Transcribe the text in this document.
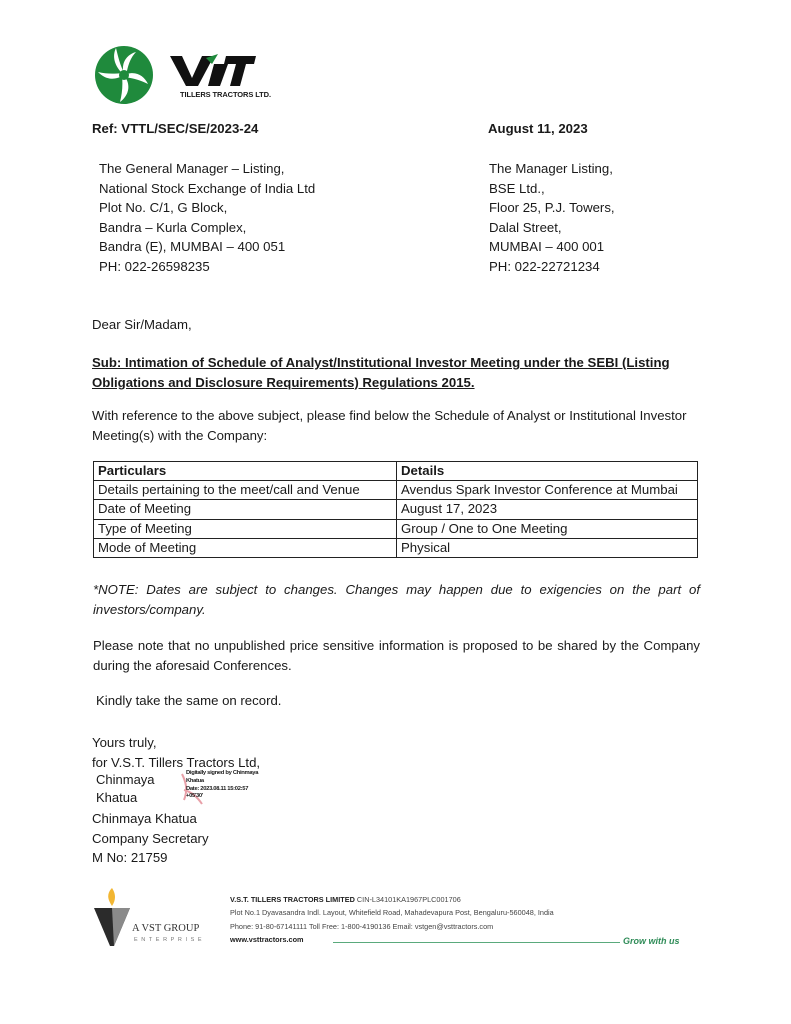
TILLERS TRACTORS LTD.
Ref: VTTL/SEC/SE/2023-24	August 11, 2023
The General Manager – Listing,
National Stock Exchange of India Ltd
Plot No. C/1, G Block,
Bandra – Kurla Complex,
Bandra (E), MUMBAI – 400 051
PH: 022-26598235
The Manager Listing,
BSE Ltd.,
Floor 25, P.J. Towers,
Dalal Street,
MUMBAI – 400 001
PH: 022-22721234
Dear Sir/Madam,
Sub: Intimation of Schedule of Analyst/Institutional Investor Meeting under the SEBI (Listing Obligations and Disclosure Requirements) Regulations 2015.
With reference to the above subject, please find below the Schedule of Analyst or Institutional Investor Meeting(s) with the Company:
Particulars	Details
Details pertaining to the meet/call and Venue	Avendus Spark Investor Conference at Mumbai
Date of Meeting	August 17, 2023
Type of Meeting	Group / One to One Meeting
Mode of Meeting	Physical
*NOTE: Dates are subject to changes. Changes may happen due to exigencies on the part of investors/company.
Please note that no unpublished price sensitive information is proposed to be shared by the Company during the aforesaid Conferences.
Kindly take the same on record.
Yours truly,
for V.S.T. Tillers Tractors Ltd,
Chinmaya
Khatua
Digitally signed by Chinmaya
Khatua
Date: 2023.08.11 15:02:57
+05'30'
Chinmaya Khatua
Company Secretary
M No: 21759
A VST GROUP
ENTERPRISE
V.S.T. TILLERS TRACTORS LIMITED CIN-L34101KA1967PLC001706
Plot No.1 Dyavasandra Indl. Layout, Whitefield Road, Mahadevapura Post, Bengaluru-560048, India
Phone: 91-80-67141111 Toll Free: 1-800-4190136 Email: vstgen@vsttractors.com
www.vsttractors.com	Grow with us
